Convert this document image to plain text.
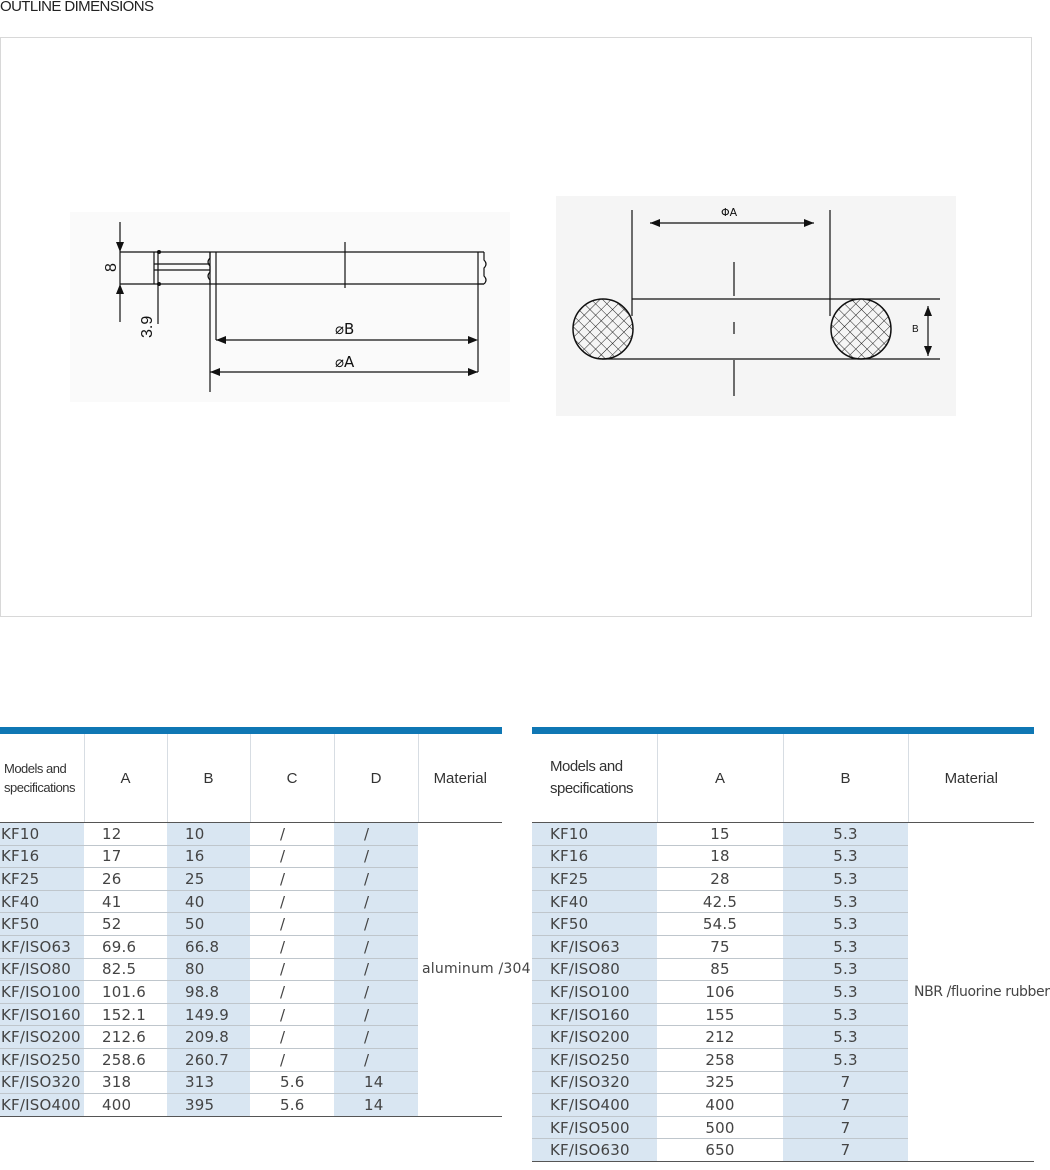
OUTLINE DIMENSIONS
8
3.9	⌀B
⌀A
ΦA
B
Models and specifications	A	B	C	D	Material
KF10	12	10	/	/	aluminum /304
KF16	17	16	/	/	
KF25	26	25	/	/	
KF40	41	40	/	/	
KF50	52	50	/	/	
KF/ISO63	69.6	66.8	/	/	
KF/ISO80	82.5	80	/	/	
KF/ISO100	101.6	98.8	/	/	
KF/ISO160	152.1	149.9	/	/	
KF/ISO200	212.6	209.8	/	/	
KF/ISO250	258.6	260.7	/	/	
KF/ISO320	318	313	5.6	14	
KF/ISO400	400	395	5.6	14	
Models and specifications	A	B	Material
KF10	15	5.3	NBR /fluorine rubber
KF16	18	5.3	
KF25	28	5.3	
KF40	42.5	5.3	
KF50	54.5	5.3	
KF/ISO63	75	5.3	
KF/ISO80	85	5.3	
KF/ISO100	106	5.3	
KF/ISO160	155	5.3	
KF/ISO200	212	5.3	
KF/ISO250	258	5.3	
KF/ISO320	325	7	
KF/ISO400	400	7	
KF/ISO500	500	7	
KF/ISO630	650	7	
